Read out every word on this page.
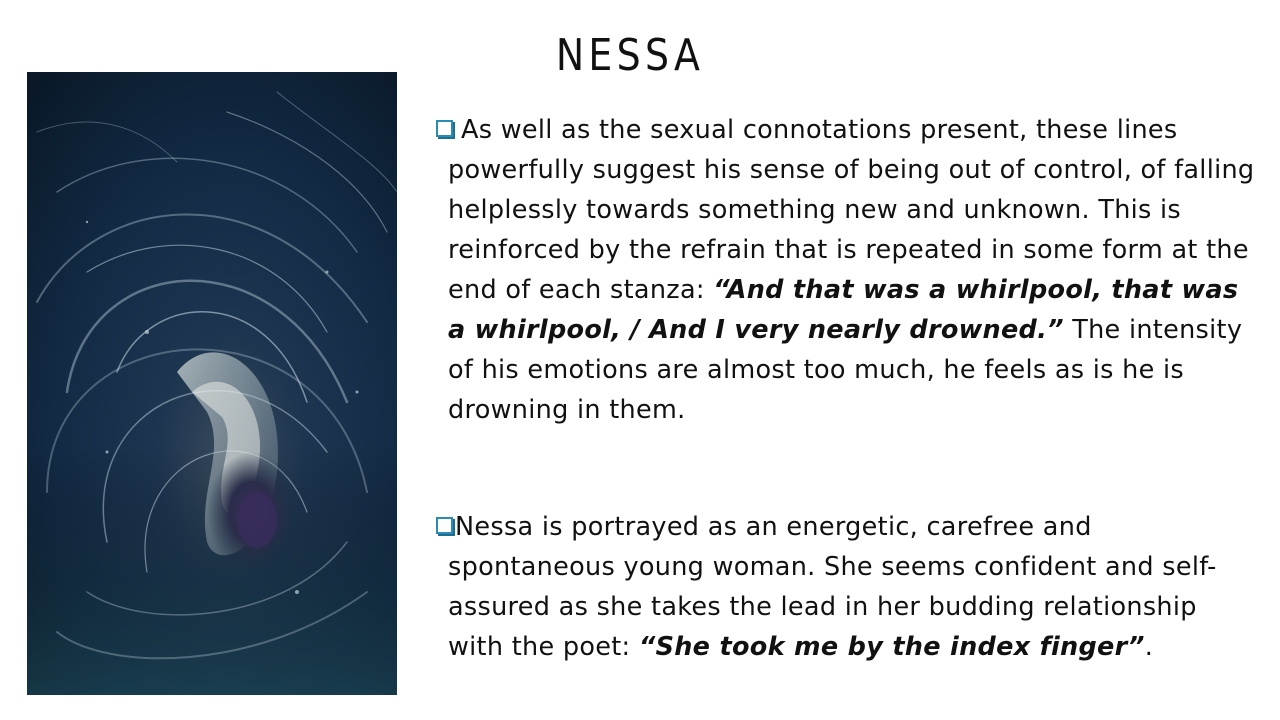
NESSA

As well as the sexual connotations present, these lines powerfully suggest his sense of being out of control, of falling helplessly towards something new and unknown. This is reinforced by the refrain that is repeated in some form at the end of each stanza: “And that was a whirlpool, that was a whirlpool, / And I very nearly drowned.” The intensity of his emotions are almost too much, he feels as is he is drowning in them.

Nessa is portrayed as an energetic, carefree and spontaneous young woman. She seems confident and self-assured as she takes the lead in her budding relationship with the poet: “She took me by the index finger”.
